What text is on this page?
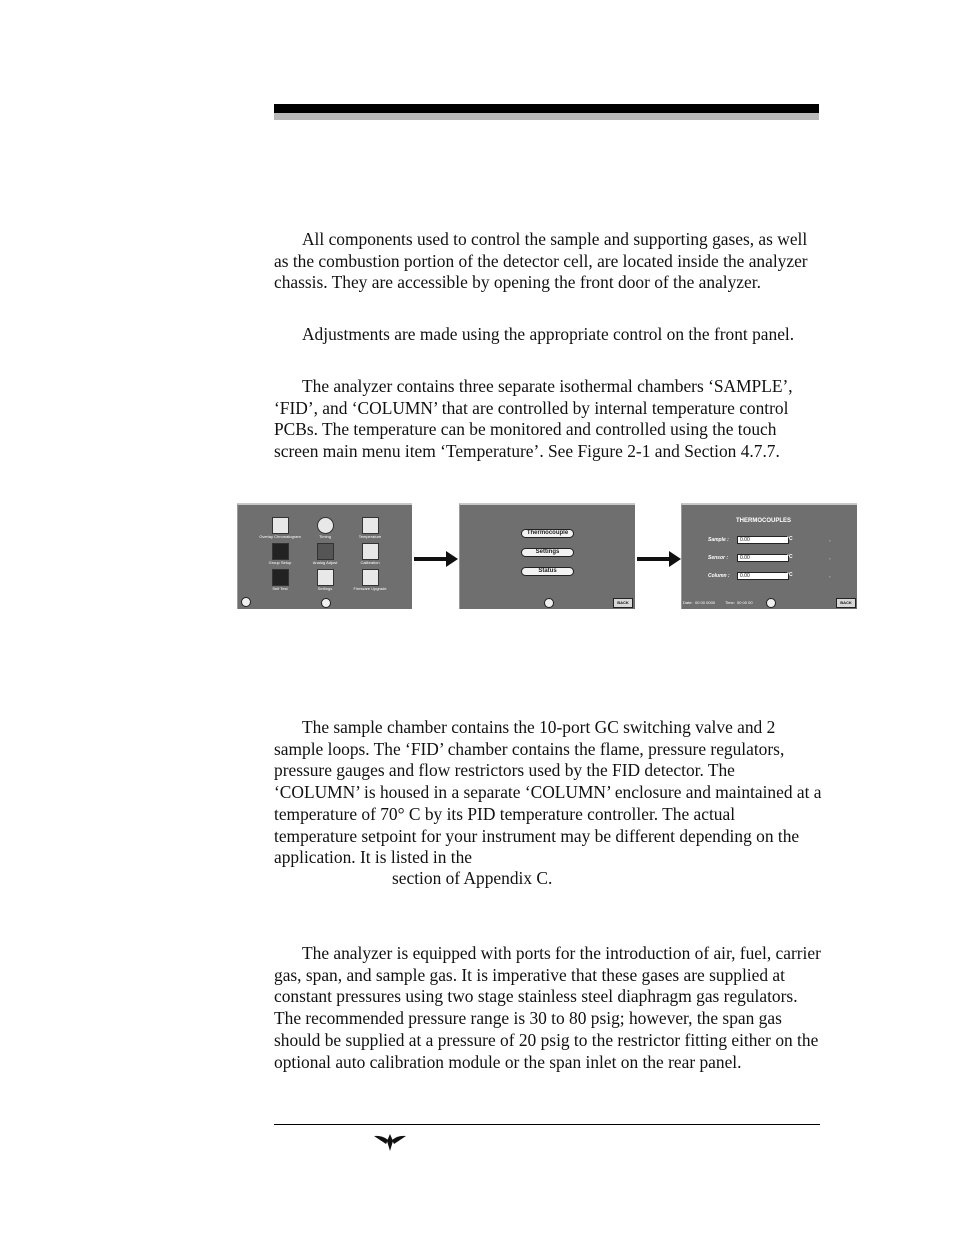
All components used to control the sample and supporting gases, as well as the combustion portion of the detector cell, are located inside the analyzer chassis. They are accessible by opening the front door of the analyzer.

Adjustments are made using the appropriate control on the front panel.

The analyzer contains three separate isothermal chambers ‘SAMPLE’, ‘FID’, and ‘COLUMN’ that are controlled by internal temperature control PCBs. The temperature can be monitored and controlled using the touch screen main menu item ‘Temperature’. See Figure 2-1 and Section 4.7.7.

Overlay Chromatogram	Timing	Temperature
Group Setup	Analog Adjust	Calibration
Self Test	Settings	Firmware Upgrade
Thermocouple
Settings
Status
BACK
THERMOCOUPLES
Sample :	0.00	°C	▫
Sensor :	0.00	°C	▫
Column :	0.00	°C	▫
Date: 00 00 0000 Time: 00 00 00	BACK

The sample chamber contains the 10-port GC switching valve and 2 sample loops. The ‘FID’ chamber contains the flame, pressure regulators, pressure gauges and flow restrictors used by the FID detector. The ‘COLUMN’ is housed in a separate ‘COLUMN’ enclosure and maintained at a temperature of 70° C by its PID temperature controller. The actual temperature setpoint for your instrument may be different depending on the application. It is listed in the

section of Appendix C.

The analyzer is equipped with ports for the introduction of air, fuel, carrier gas, span, and sample gas. It is imperative that these gases are supplied at constant pressures using two stage stainless steel diaphragm gas regulators. The recommended pressure range is 30 to 80 psig; however, the span gas should be supplied at a pressure of 20 psig to the restrictor fitting either on the optional auto calibration module or the span inlet on the rear panel.
